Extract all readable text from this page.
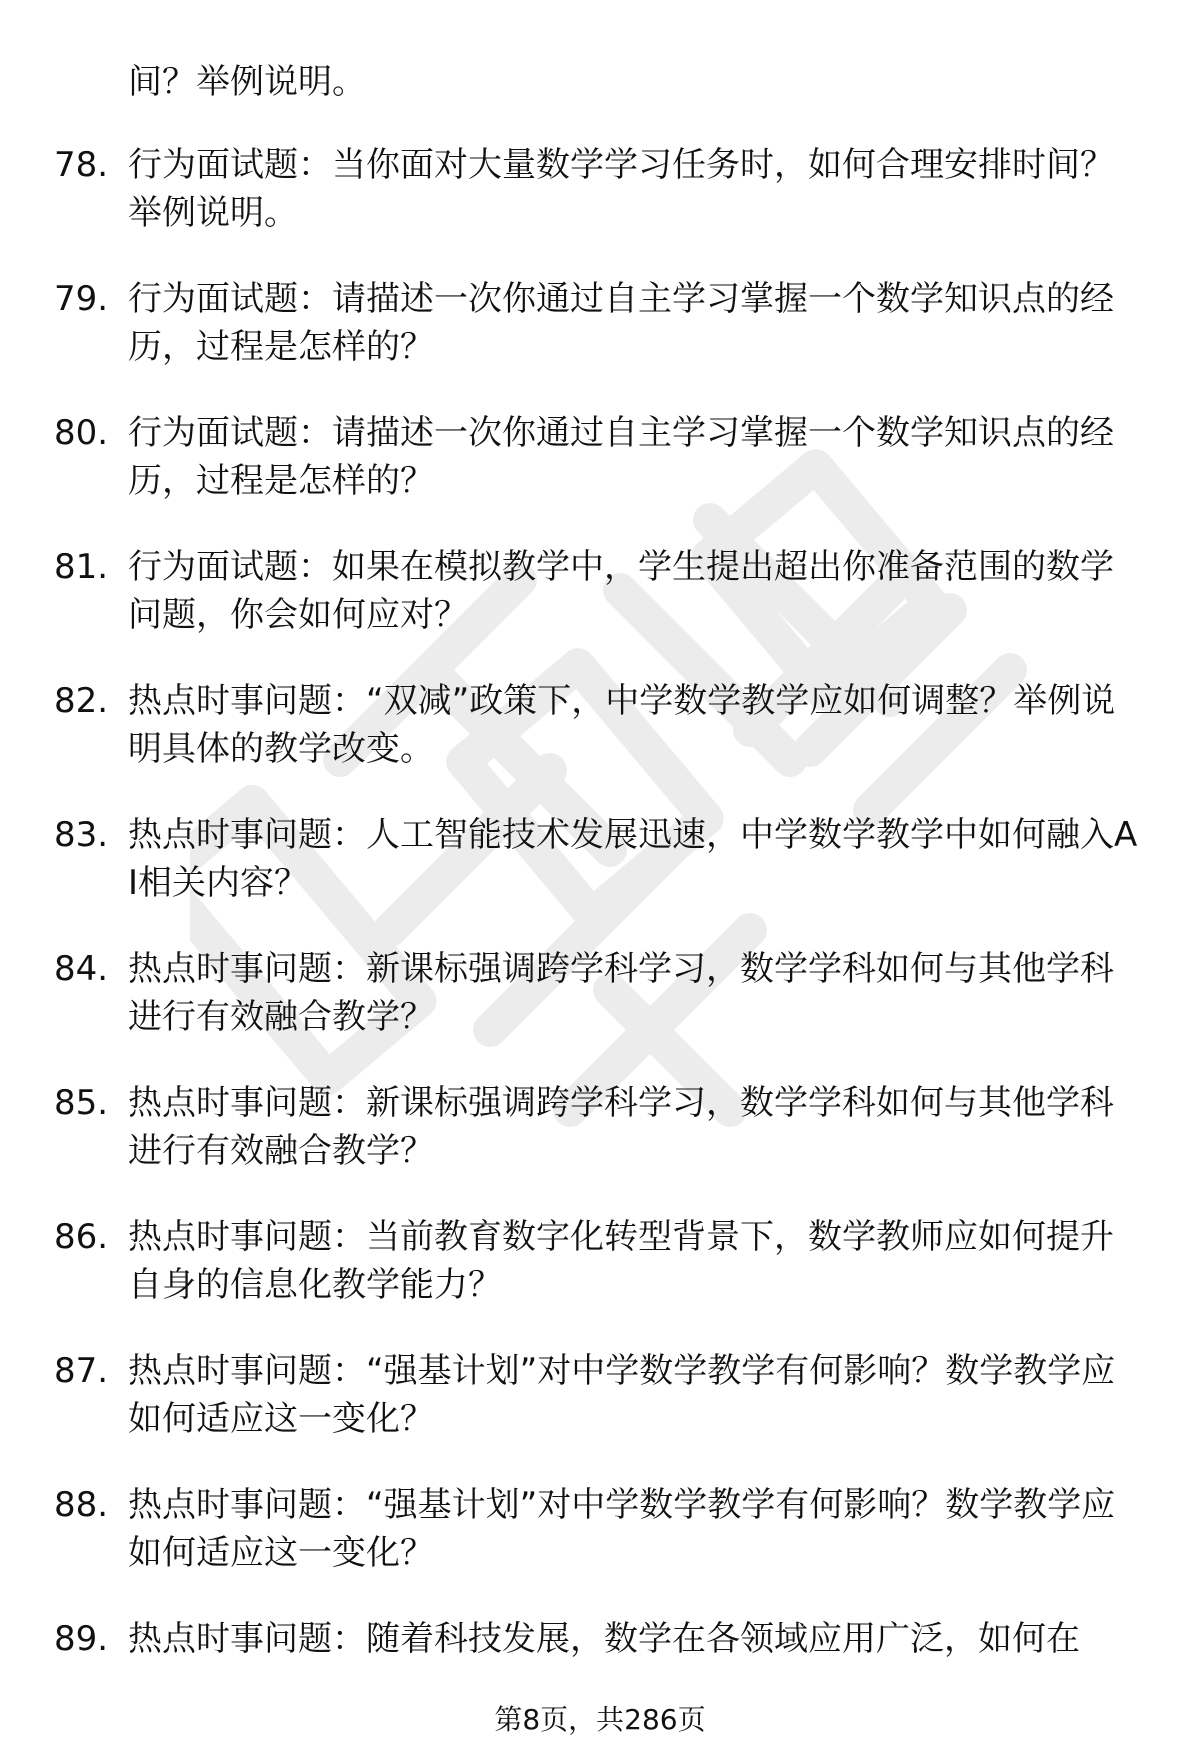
间？举例说明。
78. 行为面试题：当你面对大量数学学习任务时，如何合理安排时间？举例说明。
79. 行为面试题：请描述一次你通过自主学习掌握一个数学知识点的经历，过程是怎样的？
80. 行为面试题：请描述一次你通过自主学习掌握一个数学知识点的经历，过程是怎样的？
81. 行为面试题：如果在模拟教学中，学生提出超出你准备范围的数学问题，你会如何应对？
82. 热点时事问题：“双减”政策下，中学数学教学应如何调整？举例说明具体的教学改变。
83. 热点时事问题：人工智能技术发展迅速，中学数学教学中如何融入AI相关内容？
84. 热点时事问题：新课标强调跨学科学习，数学学科如何与其他学科进行有效融合教学？
85. 热点时事问题：新课标强调跨学科学习，数学学科如何与其他学科进行有效融合教学？
86. 热点时事问题：当前教育数字化转型背景下，数学教师应如何提升自身的信息化教学能力？
87. 热点时事问题：“强基计划”对中学数学教学有何影响？数学教学应如何适应这一变化？
88. 热点时事问题：“强基计划”对中学数学教学有何影响？数学教学应如何适应这一变化？
89. 热点时事问题：随着科技发展，数学在各领域应用广泛，如何在
第8页，共286页
